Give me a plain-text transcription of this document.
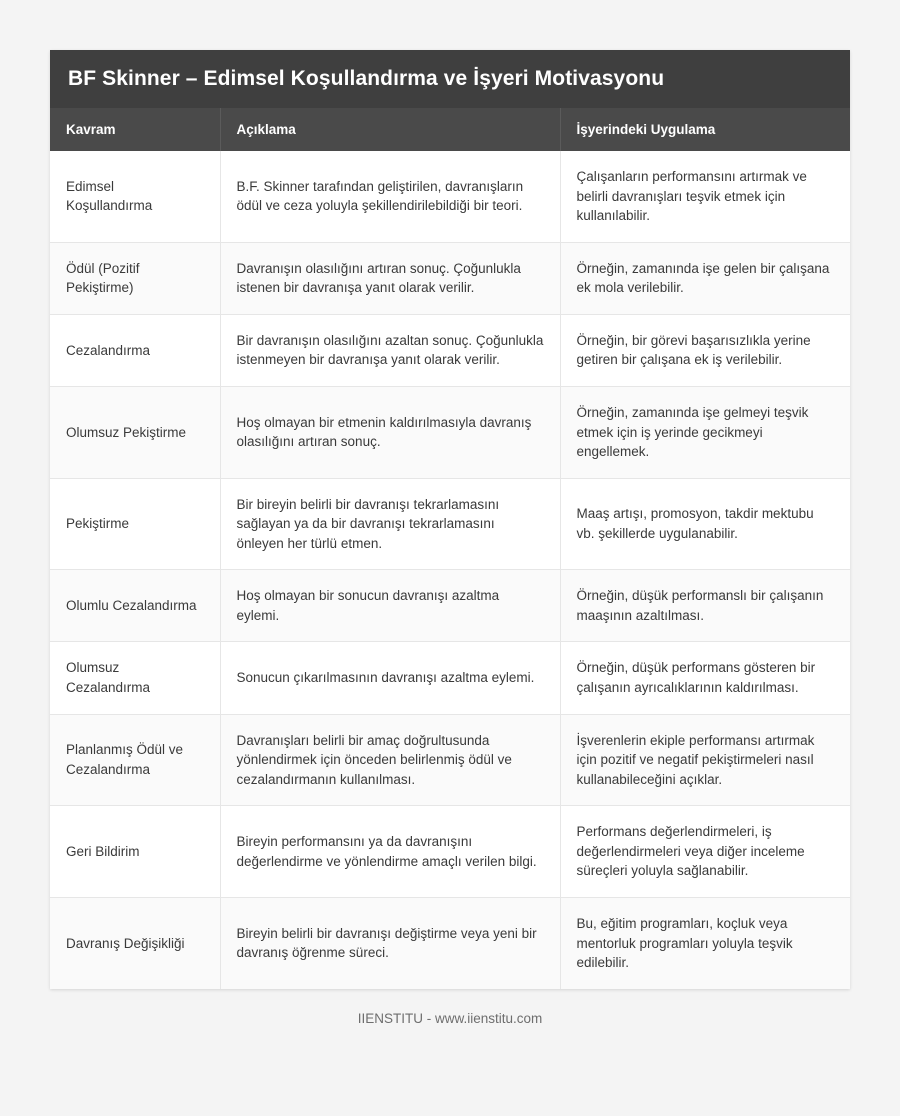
BF Skinner – Edimsel Koşullandırma ve İşyeri Motivasyonu
Kavram	Açıklama	İşyerindeki Uygulama
Edimsel Koşullandırma	B.F. Skinner tarafından geliştirilen, davranışların ödül ve ceza yoluyla şekillendirilebildiği bir teori.	Çalışanların performansını artırmak ve belirli davranışları teşvik etmek için kullanılabilir.
Ödül (Pozitif Pekiştirme)	Davranışın olasılığını artıran sonuç. Çoğunlukla istenen bir davranışa yanıt olarak verilir.	Örneğin, zamanında işe gelen bir çalışana ek mola verilebilir.
Cezalandırma	Bir davranışın olasılığını azaltan sonuç. Çoğunlukla istenmeyen bir davranışa yanıt olarak verilir.	Örneğin, bir görevi başarısızlıkla yerine getiren bir çalışana ek iş verilebilir.
Olumsuz Pekiştirme	Hoş olmayan bir etmenin kaldırılmasıyla davranış olasılığını artıran sonuç.	Örneğin, zamanında işe gelmeyi teşvik etmek için iş yerinde gecikmeyi engellemek.
Pekiştirme	Bir bireyin belirli bir davranışı tekrarlamasını sağlayan ya da bir davranışı tekrarlamasını önleyen her türlü etmen.	Maaş artışı, promosyon, takdir mektubu vb. şekillerde uygulanabilir.
Olumlu Cezalandırma	Hoş olmayan bir sonucun davranışı azaltma eylemi.	Örneğin, düşük performanslı bir çalışanın maaşının azaltılması.
Olumsuz Cezalandırma	Sonucun çıkarılmasının davranışı azaltma eylemi.	Örneğin, düşük performans gösteren bir çalışanın ayrıcalıklarının kaldırılması.
Planlanmış Ödül ve Cezalandırma	Davranışları belirli bir amaç doğrultusunda yönlendirmek için önceden belirlenmiş ödül ve cezalandırmanın kullanılması.	İşverenlerin ekiple performansı artırmak için pozitif ve negatif pekiştirmeleri nasıl kullanabileceğini açıklar.
Geri Bildirim	Bireyin performansını ya da davranışını değerlendirme ve yönlendirme amaçlı verilen bilgi.	Performans değerlendirmeleri, iş değerlendirmeleri veya diğer inceleme süreçleri yoluyla sağlanabilir.
Davranış Değişikliği	Bireyin belirli bir davranışı değiştirme veya yeni bir davranış öğrenme süreci.	Bu, eğitim programları, koçluk veya mentorluk programları yoluyla teşvik edilebilir.
IIENSTITU - www.iienstitu.com
